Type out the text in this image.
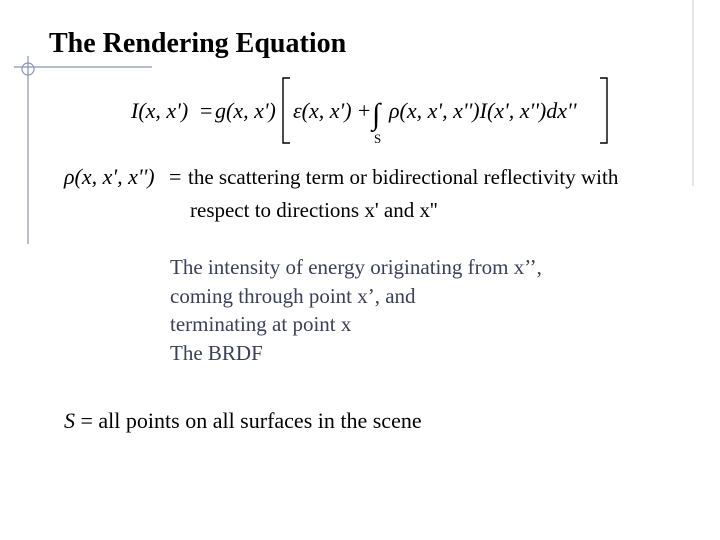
The Rendering Equation
I(x, x') = g(x, x') ε(x, x') + ∫
S
ρ(x, x', x'')I(x', x'')dx''
ρ(x, x', x'') = the scattering term or bidirectional reflectivity with
respect to directions x' and x''
The intensity of energy originating from x’’,
coming through point x’, and
terminating at point x
The BRDF
S = all points on all surfaces in the scene
